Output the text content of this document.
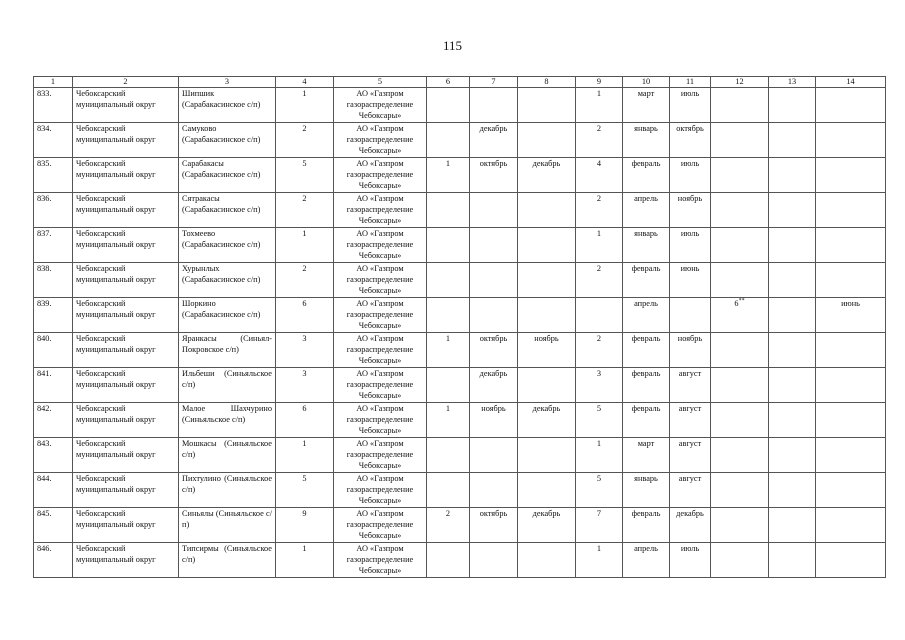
115
1	2	3	4	5	6	7	8	9	10	11	12	13	14
833.	Чебоксарский муниципальный округ	Шипшик (Сарабакасинское с/п)	1	АО «Газпром газораспределение Чебоксары»				1	март	июль			
834.	Чебоксарский муниципальный округ	Самуково (Сарабакасинское с/п)	2	АО «Газпром газораспределение Чебоксары»		декабрь		2	январь	октябрь			
835.	Чебоксарский муниципальный округ	Сарабакасы (Сарабакасинское с/п)	5	АО «Газпром газораспределение Чебоксары»	1	октябрь	декабрь	4	февраль	июль			
836.	Чебоксарский муниципальный округ	Сятракасы (Сарабакасинское с/п)	2	АО «Газпром газораспределение Чебоксары»				2	апрель	ноябрь			
837.	Чебоксарский муниципальный округ	Тохмеево (Сарабакасинское с/п)	1	АО «Газпром газораспределение Чебоксары»				1	январь	июль			
838.	Чебоксарский муниципальный округ	Хурынлых (Сарабакасинское с/п)	2	АО «Газпром газораспределение Чебоксары»				2	февраль	июнь			
839.	Чебоксарский муниципальный округ	Шоркино (Сарабакасинское с/п)	6	АО «Газпром газораспределение Чебоксары»					апрель		6**		июнь
840.	Чебоксарский муниципальный округ	Яранкасы (Синьял-Покровское с/п)	3	АО «Газпром газораспределение Чебоксары»	1	октябрь	ноябрь	2	февраль	ноябрь			
841.	Чебоксарский муниципальный округ	Ильбеши (Синьяльское с/п)	3	АО «Газпром газораспределение Чебоксары»		декабрь		3	февраль	август			
842.	Чебоксарский муниципальный округ	Малое Шахчурино (Синьяльское с/п)	6	АО «Газпром газораспределение Чебоксары»	1	ноябрь	декабрь	5	февраль	август			
843.	Чебоксарский муниципальный округ	Мошкасы (Синьяльское с/п)	1	АО «Газпром газораспределение Чебоксары»				1	март	август			
844.	Чебоксарский муниципальный округ	Пихтулино (Синьяльское с/п)	5	АО «Газпром газораспределение Чебоксары»				5	январь	август			
845.	Чебоксарский муниципальный округ	Синьялы (Синьяльское с/п)	9	АО «Газпром газораспределение Чебоксары»	2	октябрь	декабрь	7	февраль	декабрь			
846.	Чебоксарский муниципальный округ	Типсирмы (Синьяльское с/п)	1	АО «Газпром газораспределение Чебоксары»				1	апрель	июль			
